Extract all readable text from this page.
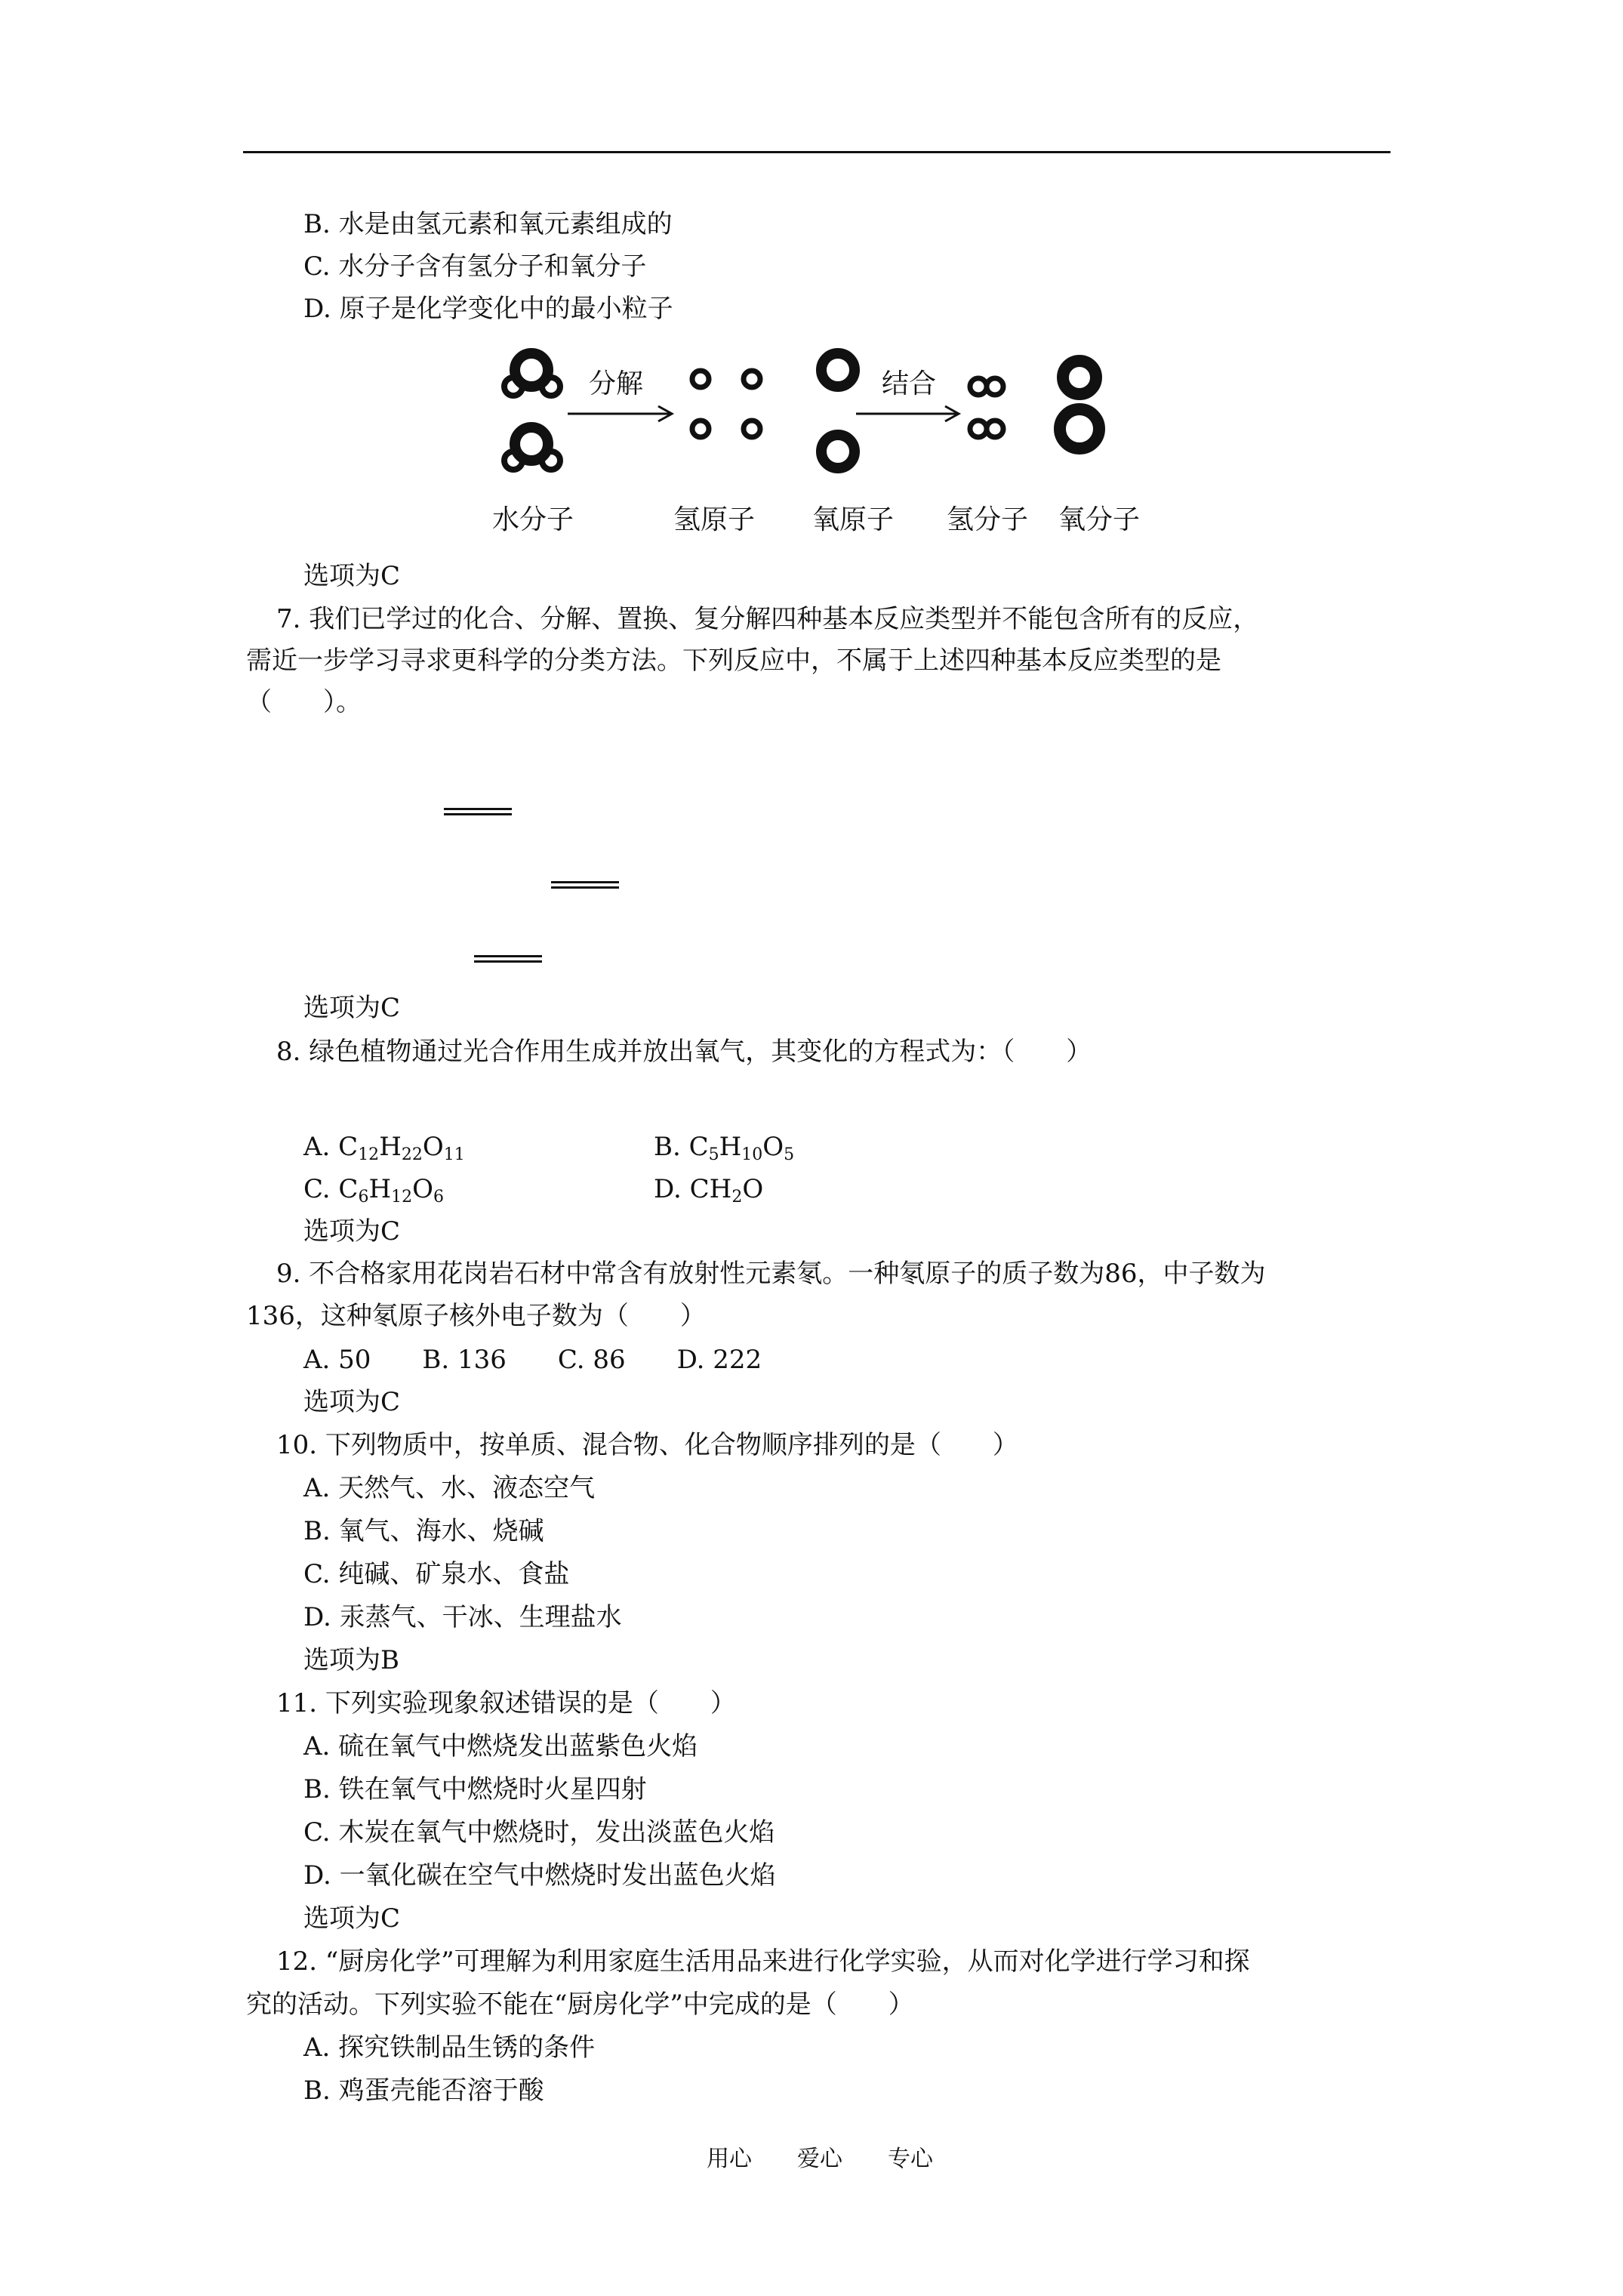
B. 水是由氢元素和氧元素组成的
C. 水分子含有氢分子和氧分子
D. 原子是化学变化中的最小粒子
分解	结合
水分子	氢原子 氧原子 氢分子 氧分子
选项为C
7. 我们已学过的化合、分解、置换、复分解四种基本反应类型并不能包含所有的反应，
需近一步学习寻求更科学的分类方法。下列反应中，不属于上述四种基本反应类型的是
（　　）。
选项为C
8. 绿色植物通过光合作用生成并放出氧气，其变化的方程式为：（　　）
A. $C_{12}H_{22}O_{11}$	B. $C_5H_{10}O_5$
C. $C_6H_{12}O_6$	D. $CH_2O$
选项为C
9. 不合格家用花岗岩石材中常含有放射性元素氡。一种氡原子的质子数为86，中子数为
136，这种氡原子核外电子数为（　　）
A. 50　　B. 136　　C. 86　　D. 222
选项为C
10. 下列物质中，按单质、混合物、化合物顺序排列的是（　　）
A. 天然气、水、液态空气
B. 氧气、海水、烧碱
C. 纯碱、矿泉水、食盐
D. 汞蒸气、干冰、生理盐水
选项为B
11. 下列实验现象叙述错误的是（　　）
A. 硫在氧气中燃烧发出蓝紫色火焰
B. 铁在氧气中燃烧时火星四射
C. 木炭在氧气中燃烧时，发出淡蓝色火焰
D. 一氧化碳在空气中燃烧时发出蓝色火焰
选项为C
12. “厨房化学”可理解为利用家庭生活用品来进行化学实验，从而对化学进行学习和探
究的活动。下列实验不能在“厨房化学”中完成的是（　　）
A. 探究铁制品生锈的条件
B. 鸡蛋壳能否溶于酸
用心　　爱心　　专心
